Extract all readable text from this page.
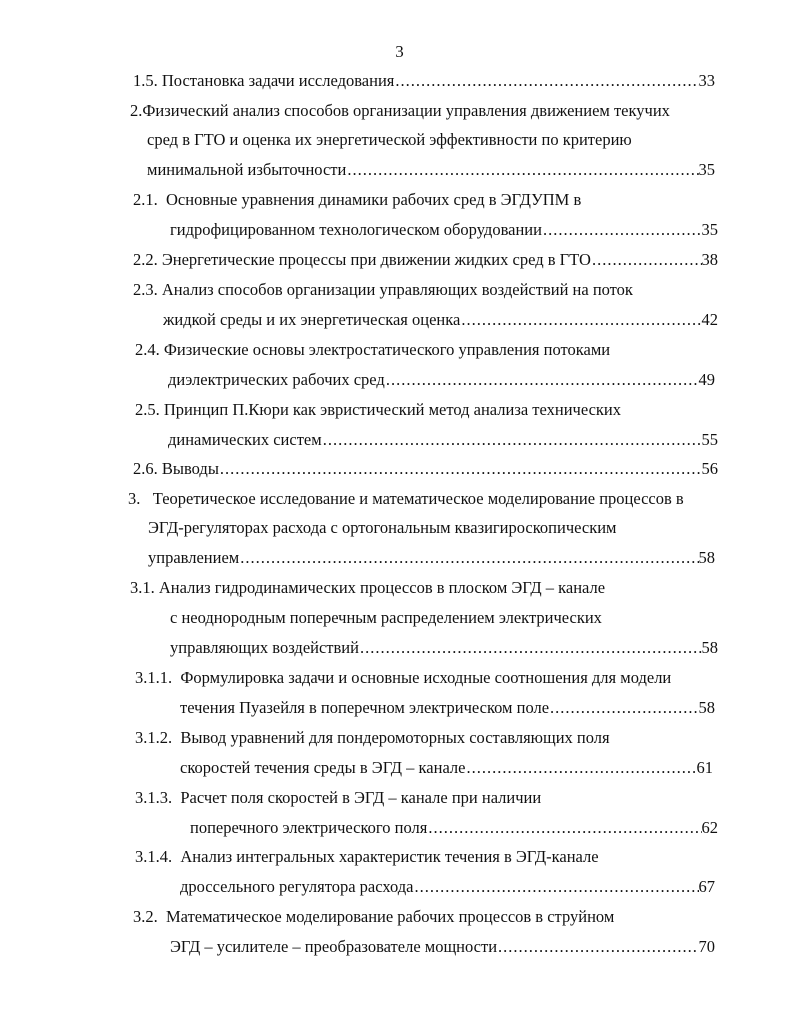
3
1.5. Постановка задачи исследования .....	33
2.Физический анализ способов организации управления движением текучих
сред в ГТО и оценка их энергетической эффективности по критерию
минимальной избыточности .....	35
2.1. Основные уравнения динамики рабочих сред в ЭГДУПМ в
гидрофицированном технологическом оборудовании .....	35
2.2. Энергетические процессы при движении жидких сред в ГТО .....	38
2.3. Анализ способов организации управляющих воздействий на поток
жидкой среды и их энергетическая оценка .....	42
2.4. Физические основы электростатического управления потоками
диэлектрических рабочих сред .....	49
2.5. Принцип П.Кюри как эвристический метод анализа технических
динамических систем .....	55
2.6. Выводы .....	56
3. Теоретическое исследование и математическое моделирование процессов в
ЭГД-регуляторах расхода с ортогональным квазигироскопическим
управлением .....	58
3.1. Анализ гидродинамических процессов в плоском ЭГД – канале
с неоднородным поперечным распределением электрических
управляющих воздействий .....	58
3.1.1. Формулировка задачи и основные исходные соотношения для модели
течения Пуазейля в поперечном электрическом поле .....	58
3.1.2. Вывод уравнений для пондеромоторных составляющих поля
скоростей течения среды в ЭГД – канале .....	61
3.1.3. Расчет поля скоростей в ЭГД – канале при наличии
поперечного электрического поля .....	62
3.1.4. Анализ интегральных характеристик течения в ЭГД-канале
дроссельного регулятора расхода .....	67
3.2. Математическое моделирование рабочих процессов в струйном
ЭГД – усилителе – преобразователе мощности .....	70
